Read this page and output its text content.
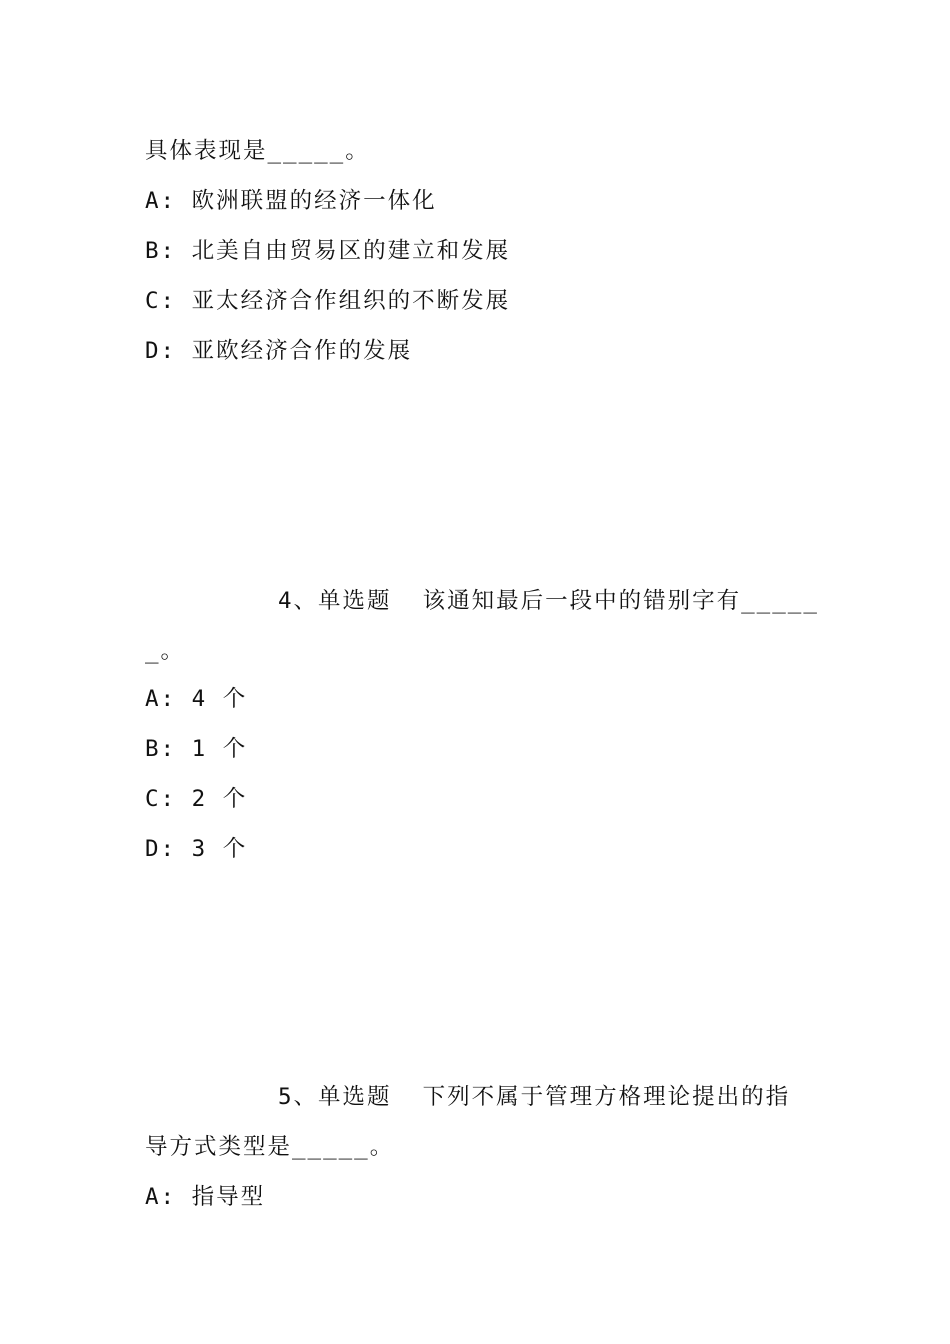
具体表现是_____。
A: 欧洲联盟的经济一体化
B: 北美自由贸易区的建立和发展
C: 亚太经济合作组织的不断发展
D: 亚欧经济合作的发展
4、单选题  该通知最后一段中的错别字有_____
_。
A: 4 个
B: 1 个
C: 2 个
D: 3 个
5、单选题  下列不属于管理方格理论提出的指
导方式类型是_____。
A: 指导型
